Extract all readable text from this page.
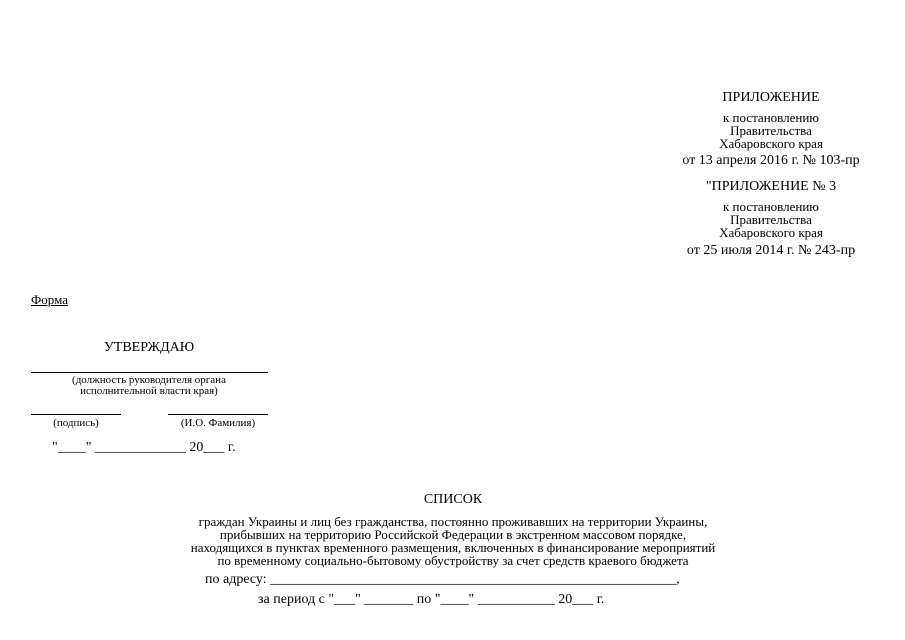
ПРИЛОЖЕНИЕ
к постановлению
Правительства
Хабаровского края
от 13 апреля 2016 г. № 103-пр
"ПРИЛОЖЕНИЕ № 3
к постановлению
Правительства
Хабаровского края
от 25 июля 2014 г. № 243-пр
Форма
УТВЕРЖДАЮ
(должность руководителя органа
исполнительной власти края)
(подпись)	(И.О. Фамилия)
"____" _____________ 20___ г.
СПИСОК
граждан Украины и лиц без гражданства, постоянно проживавших на территории Украины,
прибывших на территорию Российской Федерации в экстренном массовом порядке,
находящихся в пунктах временного размещения, включенных в финансирование мероприятий
по временному социально-бытовому обустройству за счет средств краевого бюджета
по адресу: __________________________________________________________,
за период с "___" _______ по "____" ___________ 20___ г.
